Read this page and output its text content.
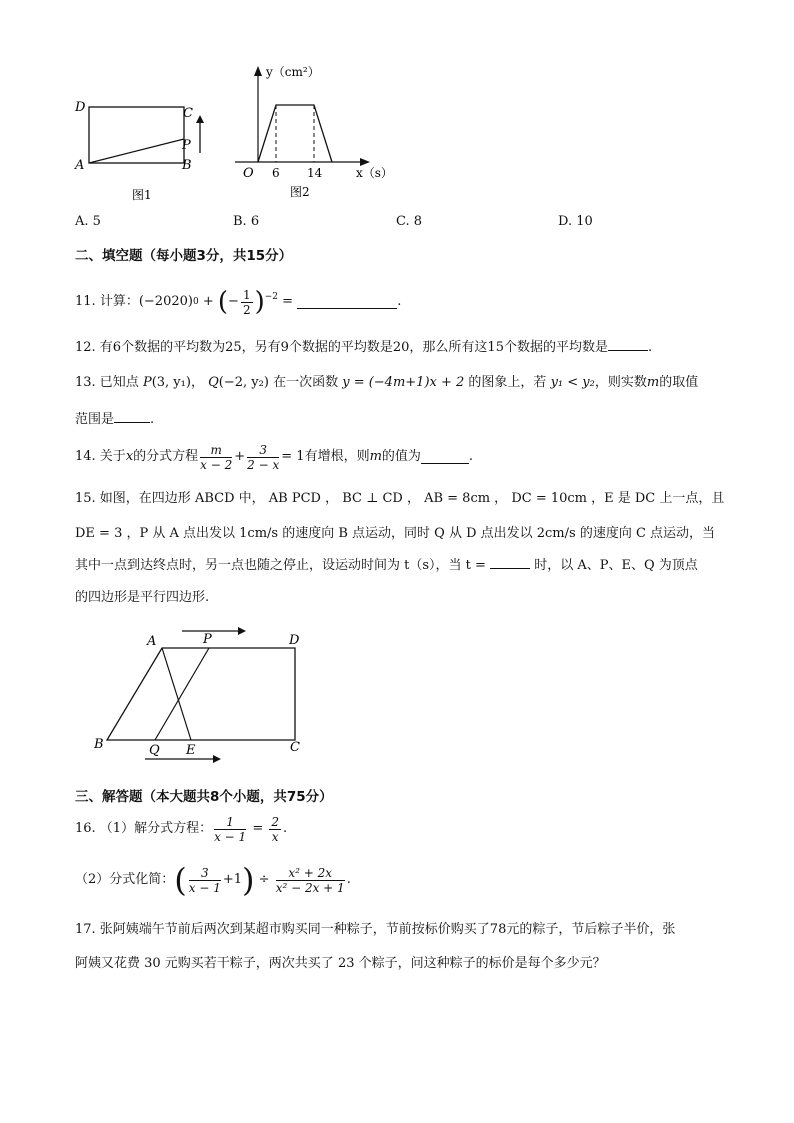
D	C
P
A	B
图1
y（cm²）
O 6 14	x（s）
图2
A. 5	B. 6	C. 8	D. 10
二、填空题（每小题3分，共15分）
11.
计算： (−2020) 0
+
( − $\frac{1}{2} )^{-2}$
=
	.
12. 有6个数据的平均数为25，另有9个数据的平均数是20，那么所有这15个数据的平均数是	.
13. 已知点 P(3, y₁)， Q(−2, y₂) 在一次函数 y = (−4m+1)x + 2 的图象上，若 y₁ < y₂，则实数m的取值
范围是	.
14. 关于 x 的分式方程 $\frac{m}{x - 2} + \frac{3}{2 - x} = 1$ 有增根，则 m 的值为	.
15. 如图，在四边形 ABCD 中， AB PCD ， BC ⊥ CD ， AB = 8cm ， DC = 10cm ，E 是 DC 上一点，且
DE = 3 ，P 从 A 点出发以 1cm/s 的速度向 B 点运动，同时 Q 从 D 点出发以 2cm/s 的速度向 C 点运动，当
其中一点到达终点时，另一点也随之停止，设运动时间为 t（s），当 t =	时，以 A、P、E、Q 为顶点
的四边形是平行四边形.
A	P	D
B	Q E	C
三、解答题（本大题共8个小题，共75分）
16. （1）解分式方程： $\frac{1}{x - 1}$
=
$\frac{2}{x}$ .
（2）分式化简： ( $\frac{3}{x - 1} +1$ )
÷
$\frac{\text{x² + 2x}}{\text{x² − 2x + 1}}$ .
17. 张阿姨端午节前后两次到某超市购买同一种粽子，节前按标价购买了78元的粽子，节后粽子半价，张
阿姨又花费 30 元购买若干粽子，两次共买了 23 个粽子，问这种粽子的标价是每个多少元？
